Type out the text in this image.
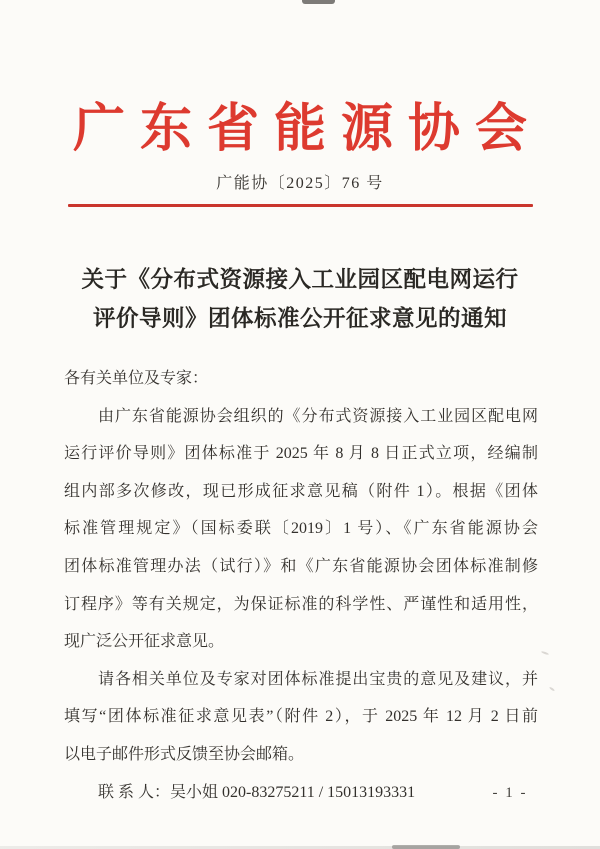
广东省能源协会
广能协〔2025〕76 号
关于《分布式资源接入工业园区配电网运行
评价导则》团体标准公开征求意见的通知
各有关单位及专家：
由广东省能源协会组织的《分布式资源接入工业园区配电网
运行评价导则》团体标准于 2025 年 8 月 8 日正式立项，经编制
组内部多次修改，现已形成征求意见稿（附件 1）。根据《团体
标准管理规定》（国标委联〔2019〕1 号）、《广东省能源协会
团体标准管理办法（试行）》和《广东省能源协会团体标准制修
订程序》等有关规定，为保证标准的科学性、严谨性和适用性，
现广泛公开征求意见。
请各相关单位及专家对团体标准提出宝贵的意见及建议，并
填写“团体标准征求意见表”（附件 2），于 2025 年 12 月 2 日前
以电子邮件形式反馈至协会邮箱。
联 系 人：吴小姐 020-83275211 / 15013193331	- 1 -
